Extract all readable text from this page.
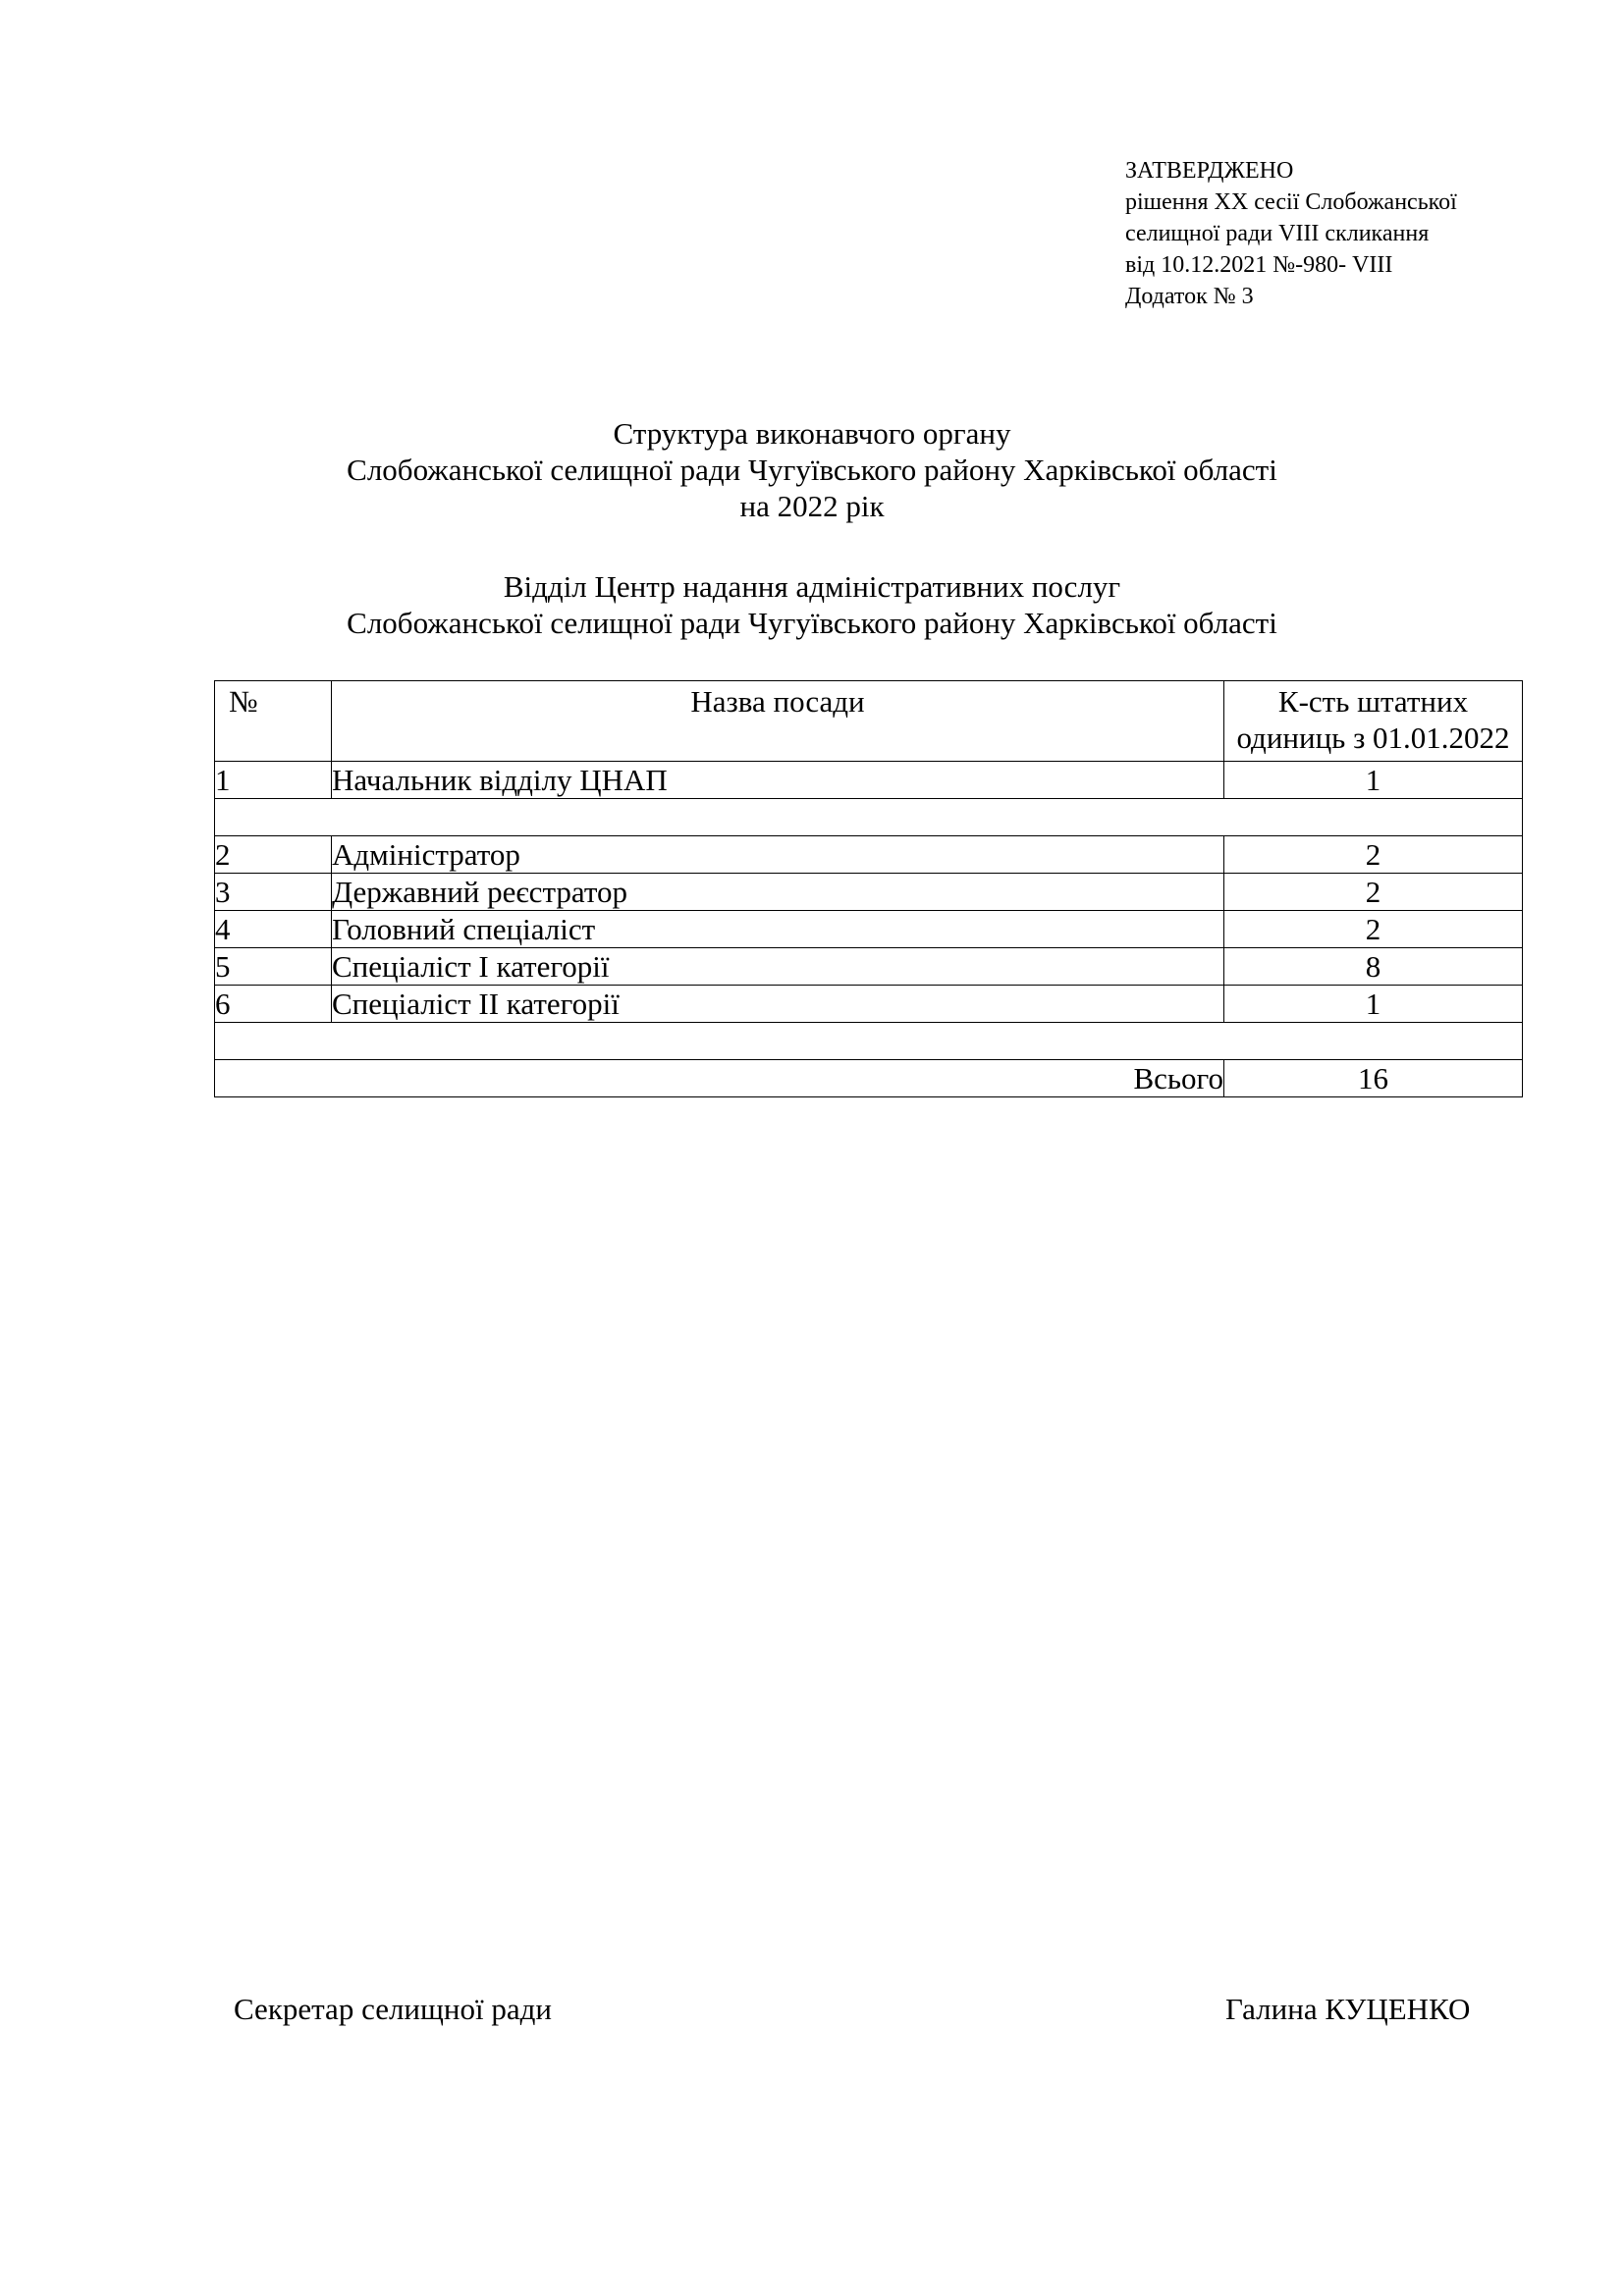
ЗАТВЕРДЖЕНО
рішення XX сесії Слобожанської
селищної ради VIII скликання
від 10.12.2021 №-980- VIII
Додаток № 3
Структура виконавчого органу
Слобожанської селищної ради Чугуївського району Харківської області
на 2022 рік
Відділ Центр надання адміністративних послуг
Слобожанської селищної ради Чугуївського району Харківської області
№	Назва посади	К-сть штатних
одиниць з 01.01.2022

1	Начальник відділу ЦНАП	1

2	Адміністратор	2
3	Державний реєстратор	2
4	Головний спеціаліст	2
5	Спеціаліст І категорії	8
6	Спеціаліст ІІ категорії	1

Всього		16
Секретар селищної ради	Галина КУЦЕНКО
